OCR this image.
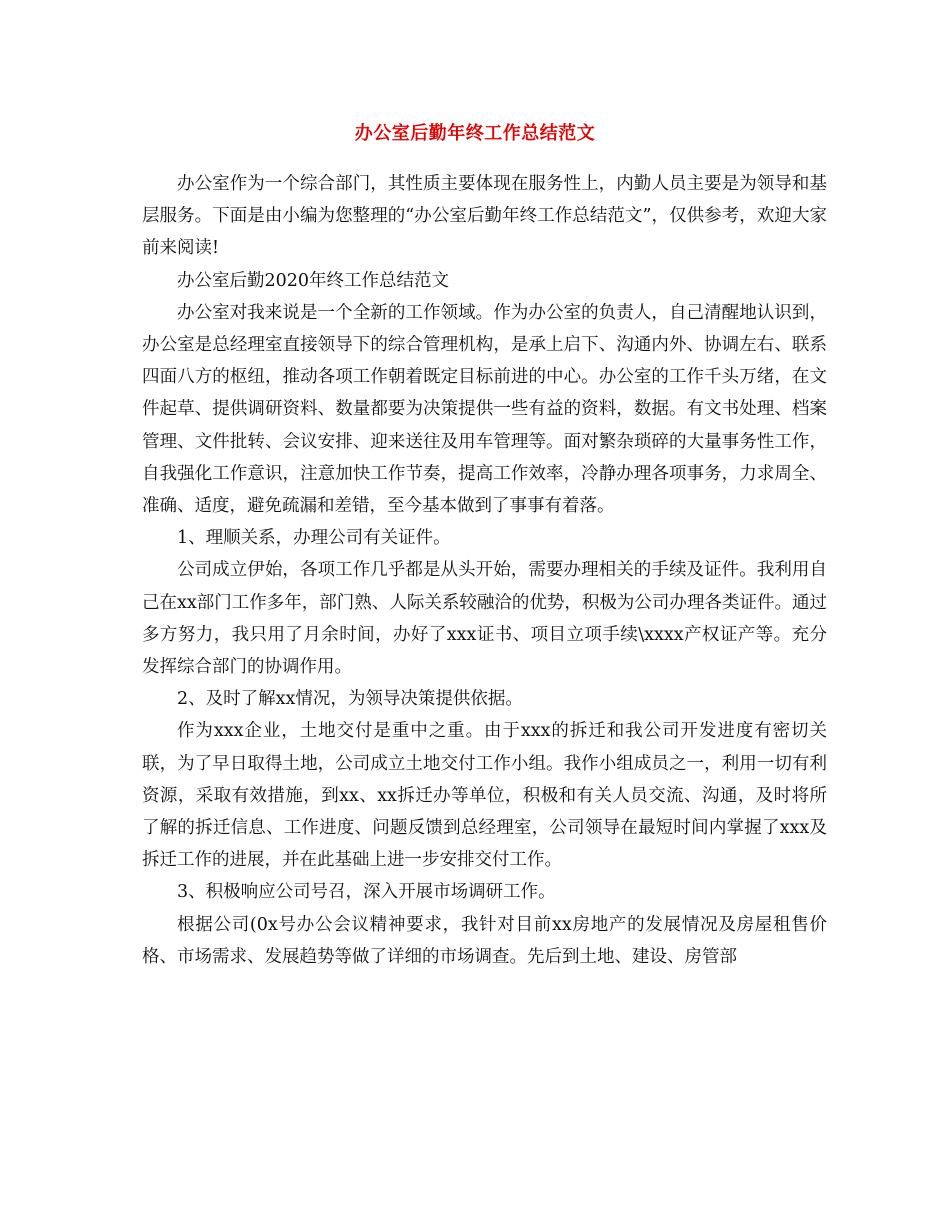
办公室后勤年终工作总结范文

办公室作为一个综合部门，其性质主要体现在服务性上，内勤人员主要是为领导和基层服务。下面是由小编为您整理的“办公室后勤年终工作总结范文”，仅供参考，欢迎大家前来阅读!

办公室后勤2020年终工作总结范文

办公室对我来说是一个全新的工作领域。作为办公室的负责人，自己清醒地认识到，办公室是总经理室直接领导下的综合管理机构，是承上启下、沟通内外、协调左右、联系四面八方的枢纽，推动各项工作朝着既定目标前进的中心。办公室的工作千头万绪，在文件起草、提供调研资料、数量都要为决策提供一些有益的资料，数据。有文书处理、档案管理、文件批转、会议安排、迎来送往及用车管理等。面对繁杂琐碎的大量事务性工作，自我强化工作意识，注意加快工作节奏，提高工作效率，冷静办理各项事务，力求周全、准确、适度，避免疏漏和差错，至今基本做到了事事有着落。

1、理顺关系，办理公司有关证件。

公司成立伊始，各项工作几乎都是从头开始，需要办理相关的手续及证件。我利用自己在xx部门工作多年，部门熟、人际关系较融洽的优势，积极为公司办理各类证件。通过多方努力，我只用了月余时间，办好了xxx证书、项目立项手续\xxxx产权证产等。充分发挥综合部门的协调作用。

2、及时了解xx情况，为领导决策提供依据。

作为xxx企业，土地交付是重中之重。由于xxx的拆迁和我公司开发进度有密切关联，为了早日取得土地，公司成立土地交付工作小组。我作小组成员之一，利用一切有利资源，采取有效措施，到xx、xx拆迁办等单位，积极和有关人员交流、沟通，及时将所了解的拆迁信息、工作进度、问题反馈到总经理室，公司领导在最短时间内掌握了xxx及拆迁工作的进展，并在此基础上进一步安排交付工作。

3、积极响应公司号召，深入开展市场调研工作。

根据公司(0x号办公会议精神要求，我针对目前xx房地产的发展情况及房屋租售价格、市场需求、发展趋势等做了详细的市场调查。先后到土地、建设、房管部
